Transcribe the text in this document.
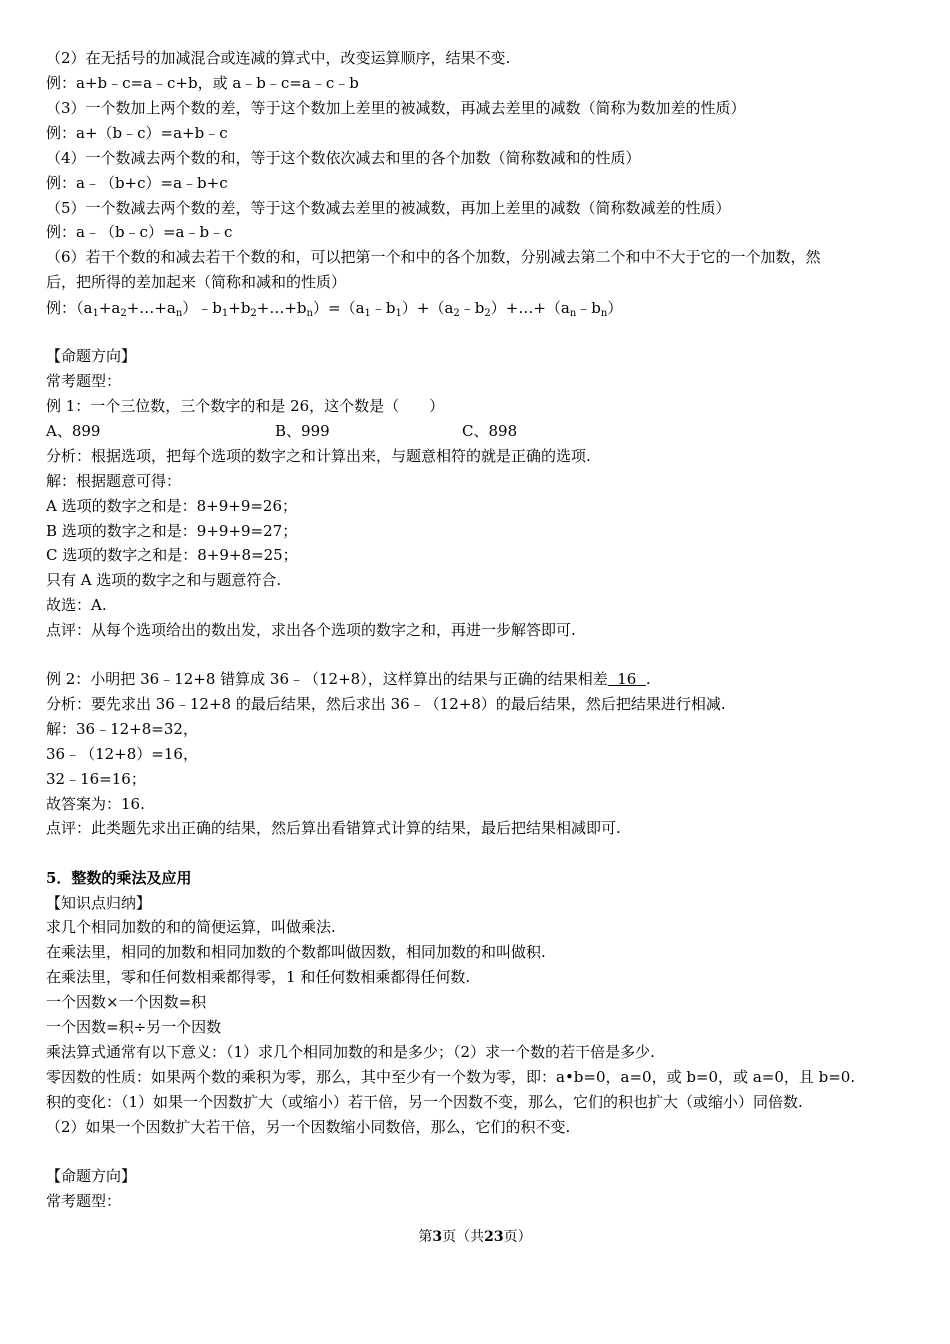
（2）在无括号的加减混合或连减的算式中，改变运算顺序，结果不变.
例：a+b﹣c=a﹣c+b，或 a﹣b﹣c=a﹣c﹣b
（3）一个数加上两个数的差，等于这个数加上差里的被减数，再减去差里的减数（简称为数加差的性质）
例：a+（b﹣c）=a+b﹣c
（4）一个数减去两个数的和，等于这个数依次减去和里的各个加数（简称数减和的性质）
例：a﹣（b+c）=a﹣b+c
（5）一个数减去两个数的差，等于这个数减去差里的被减数，再加上差里的减数（简称数减差的性质）
例：a﹣（b﹣c）=a﹣b﹣c
（6）若干个数的和减去若干个数的和，可以把第一个和中的各个加数，分别减去第二个和中不大于它的一个加数，然
后，把所得的差加起来（简称和减和的性质）
例：$(a_1+a_2+\dots+a_n)﹣b_1+b_2+\dots+b_n)=(a_1﹣b_1)+(a_2﹣b_2)+\dots+(a_n﹣b_n)$
【命题方向】
常考题型：
例 1：一个三位数，三个数字的和是 26，这个数是（　　）
A、899	B、999	C、898
分析：根据选项，把每个选项的数字之和计算出来，与题意相符的就是正确的选项.
解：根据题意可得：
A 选项的数字之和是：8+9+9=26；
B 选项的数字之和是：9+9+9=27；
C 选项的数字之和是：8+9+8=25；
只有 A 选项的数字之和与题意符合.
故选：A.
点评：从每个选项给出的数出发，求出各个选项的数字之和，再进一步解答即可.
例 2：小明把 36﹣12+8 错算成 36﹣（12+8），这样算出的结果与正确的结果相差 16 .
分析：要先求出 36﹣12+8 的最后结果，然后求出 36﹣（12+8）的最后结果，然后把结果进行相减.
解：36﹣12+8=32，
36﹣（12+8）=16，
32﹣16=16；
故答案为：16.
点评：此类题先求出正确的结果，然后算出看错算式计算的结果，最后把结果相减即可.
5．整数的乘法及应用
【知识点归纳】
求几个相同加数的和的简便运算，叫做乘法.
在乘法里，相同的加数和相同加数的个数都叫做因数，相同加数的和叫做积.
在乘法里，零和任何数相乘都得零，1 和任何数相乘都得任何数.
一个因数×一个因数=积
一个因数=积÷另一个因数
乘法算式通常有以下意义：（1）求几个相同加数的和是多少；（2）求一个数的若干倍是多少.
零因数的性质：如果两个数的乘积为零，那么，其中至少有一个数为零，即：a•b=0，a=0，或 b=0，或 a=0，且 b=0.
积的变化：（1）如果一个因数扩大（或缩小）若干倍，另一个因数不变，那么，它们的积也扩大（或缩小）同倍数.
（2）如果一个因数扩大若干倍，另一个因数缩小同数倍，那么，它们的积不变.
【命题方向】
常考题型：
第3页（共23页）
